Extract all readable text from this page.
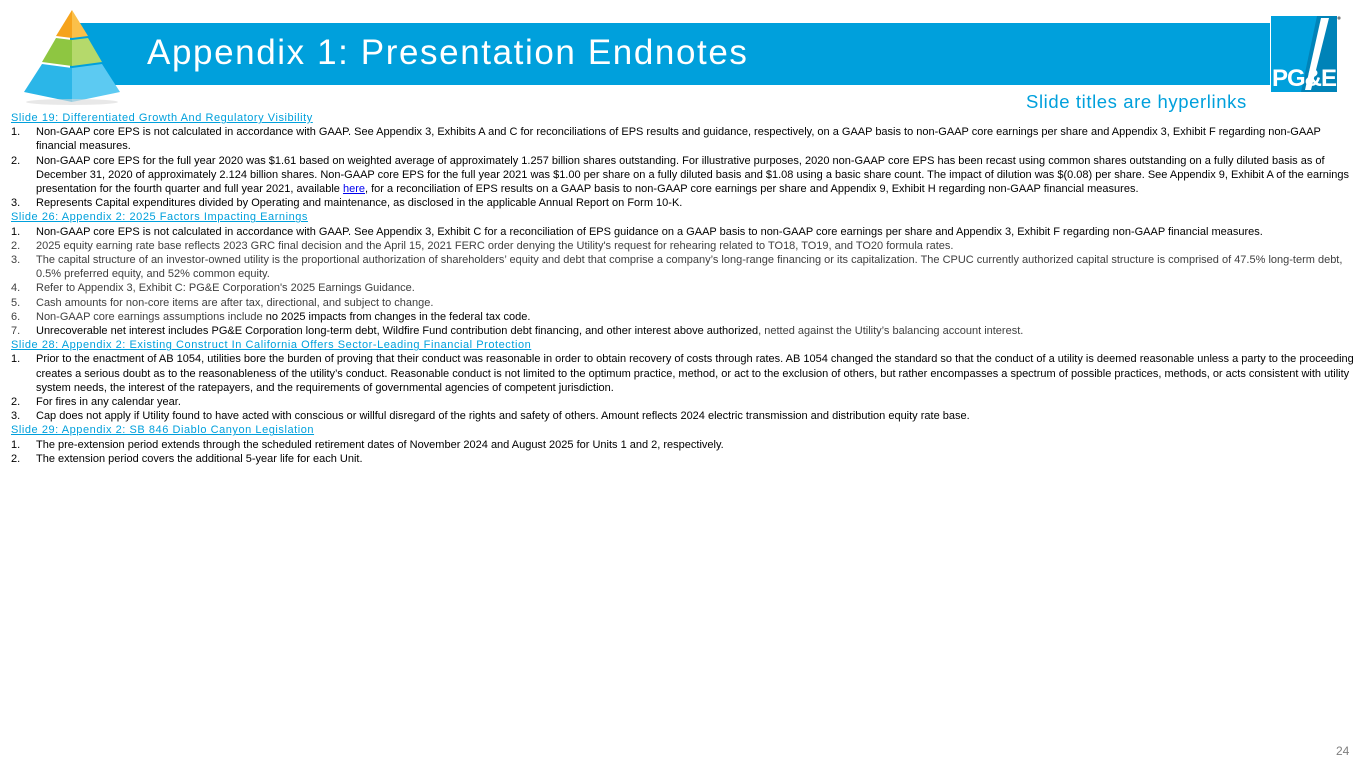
Appendix 1: Presentation Endnotes
PG&E
Slide titles are hyperlinks
Slide 19: Differentiated Growth And Regulatory Visibility
1. Non-GAAP core EPS is not calculated in accordance with GAAP. See Appendix 3, Exhibits A and C for reconciliations of EPS results and guidance, respectively, on a GAAP basis to non-GAAP core earnings per share and Appendix 3, Exhibit F regarding non-GAAP financial measures.
2. Non-GAAP core EPS for the full year 2020 was $1.61 based on weighted average of approximately 1.257 billion shares outstanding. For illustrative purposes, 2020 non-GAAP core EPS has been recast using common shares outstanding on a fully diluted basis as of December 31, 2020 of approximately 2.124 billion shares. Non-GAAP core EPS for the full year 2021 was $1.00 per share on a fully diluted basis and $1.08 using a basic share count. The impact of dilution was $(0.08) per share. See Appendix 9, Exhibit A of the earnings presentation for the fourth quarter and full year 2021, available here, for a reconciliation of EPS results on a GAAP basis to non-GAAP core earnings per share and Appendix 9, Exhibit H regarding non-GAAP financial measures.
3. Represents Capital expenditures divided by Operating and maintenance, as disclosed in the applicable Annual Report on Form 10-K.
Slide 26: Appendix 2: 2025 Factors Impacting Earnings
1. Non-GAAP core EPS is not calculated in accordance with GAAP. See Appendix 3, Exhibit C for a reconciliation of EPS guidance on a GAAP basis to non-GAAP core earnings per share and Appendix 3, Exhibit F regarding non-GAAP financial measures.
2. 2025 equity earning rate base reflects 2023 GRC final decision and the April 15, 2021 FERC order denying the Utility's request for rehearing related to TO18, TO19, and TO20 formula rates.
3. The capital structure of an investor-owned utility is the proportional authorization of shareholders’ equity and debt that comprise a company’s long-range financing or its capitalization. The CPUC currently authorized capital structure is comprised of 47.5% long-term debt, 0.5% preferred equity, and 52% common equity.
4. Refer to Appendix 3, Exhibit C: PG&E Corporation's 2025 Earnings Guidance.
5. Cash amounts for non-core items are after tax, directional, and subject to change.
6. Non-GAAP core earnings assumptions include no 2025 impacts from changes in the federal tax code.
7. Unrecoverable net interest includes PG&E Corporation long-term debt, Wildfire Fund contribution debt financing, and other interest above authorized, netted against the Utility’s balancing account interest.
Slide 28: Appendix 2: Existing Construct In California Offers Sector-Leading Financial Protection
1. Prior to the enactment of AB 1054, utilities bore the burden of proving that their conduct was reasonable in order to obtain recovery of costs through rates. AB 1054 changed the standard so that the conduct of a utility is deemed reasonable unless a party to the proceeding creates a serious doubt as to the reasonableness of the utility’s conduct. Reasonable conduct is not limited to the optimum practice, method, or act to the exclusion of others, but rather encompasses a spectrum of possible practices, methods, or acts consistent with utility system needs, the interest of the ratepayers, and the requirements of governmental agencies of competent jurisdiction.
2. For fires in any calendar year.
3. Cap does not apply if Utility found to have acted with conscious or willful disregard of the rights and safety of others. Amount reflects 2024 electric transmission and distribution equity rate base.
Slide 29: Appendix 2: SB 846 Diablo Canyon Legislation
1. The pre-extension period extends through the scheduled retirement dates of November 2024 and August 2025 for Units 1 and 2, respectively.
2. The extension period covers the additional 5-year life for each Unit.
24
